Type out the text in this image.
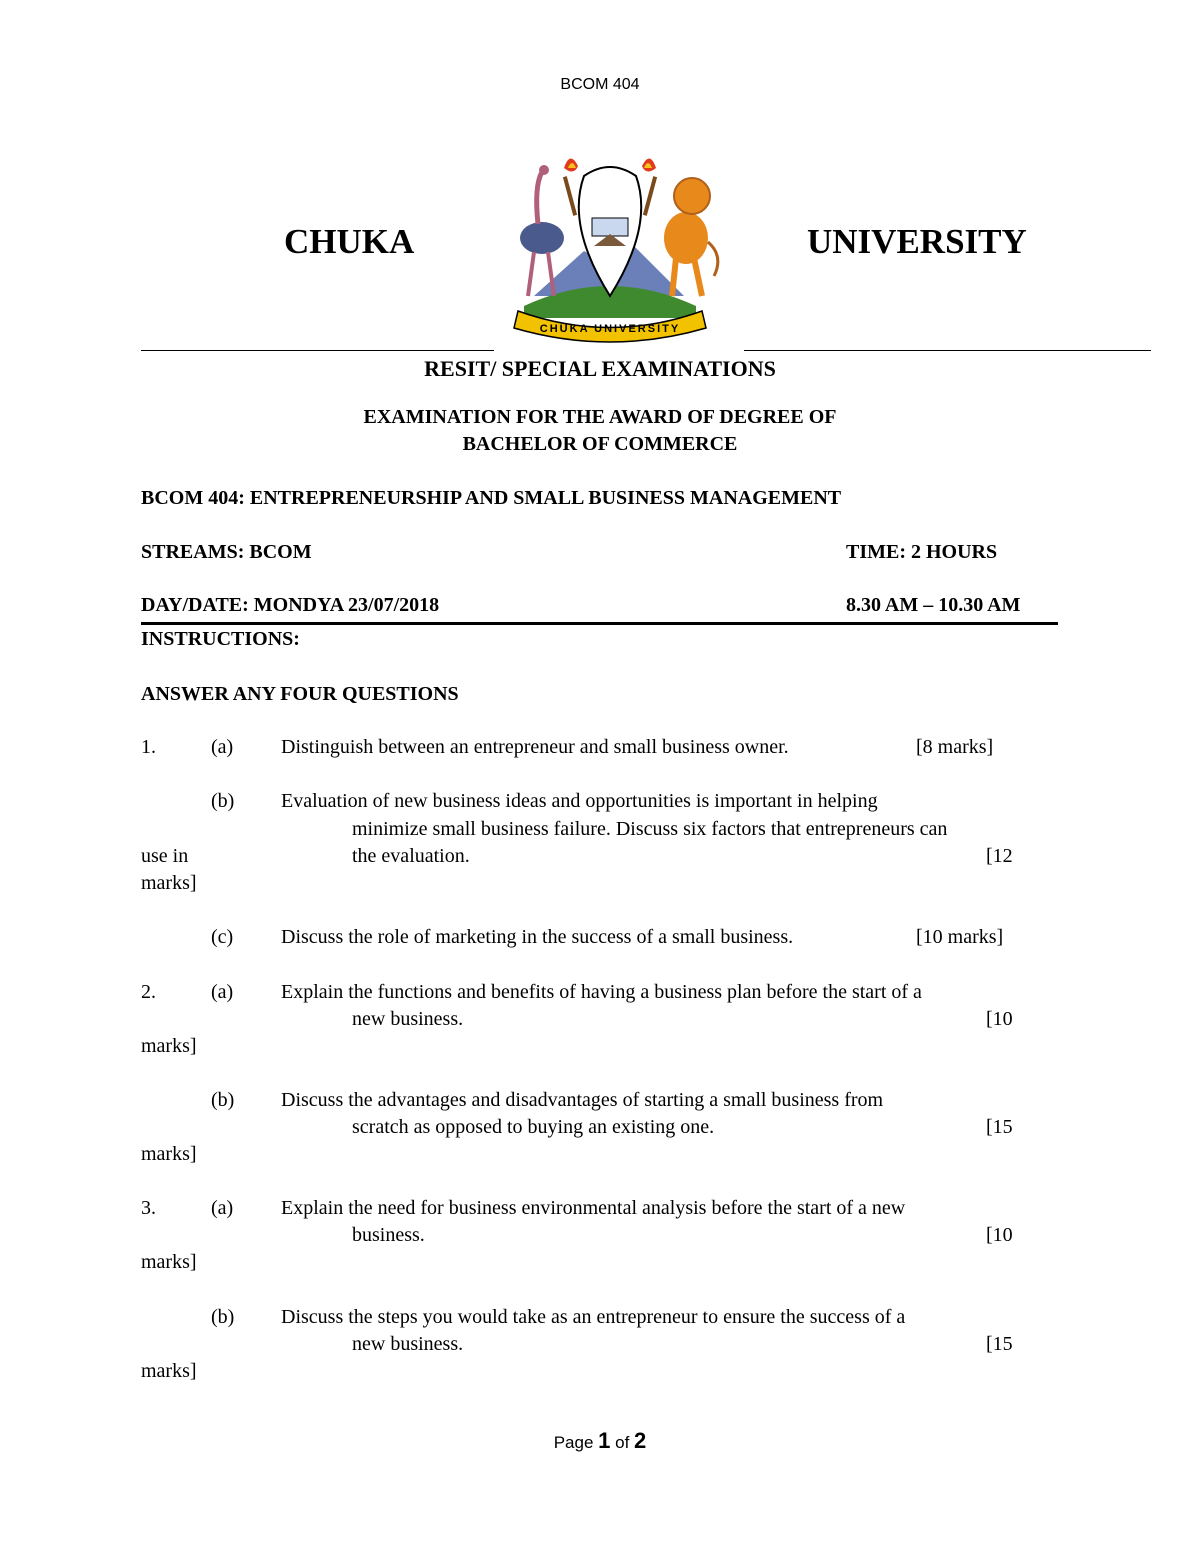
BCOM 404
CHUKA	UNIVERSITY
CHUKA UNIVERSITY
RESIT/ SPECIAL EXAMINATIONS
EXAMINATION FOR THE AWARD OF DEGREE OF
BACHELOR OF COMMERCE
BCOM 404: ENTREPRENEURSHIP AND SMALL BUSINESS MANAGEMENT
STREAMS: BCOM	TIME: 2 HOURS
DAY/DATE: MONDYA 23/07/2018	8.30 AM – 10.30 AM
INSTRUCTIONS:
ANSWER ANY FOUR QUESTIONS
1.	(a) Distinguish between an entrepreneur and small business owner.	[8 marks]
(b) Evaluation of new business ideas and opportunities is important in helping
minimize small business failure. Discuss six factors that entrepreneurs can
use in	the evaluation.	[12
marks]
(c) Discuss the role of marketing in the success of a small business.	[10 marks]
2.	(a) Explain the functions and benefits of having a business plan before the start of a
new business.	[10
marks]
(b) Discuss the advantages and disadvantages of starting a small business from
scratch as opposed to buying an existing one.	[15
marks]
3.	(a) Explain the need for business environmental analysis before the start of a new
business.	[10
marks]
(b) Discuss the steps you would take as an entrepreneur to ensure the success of a
new business.	[15
marks]
Page 1 of 2
